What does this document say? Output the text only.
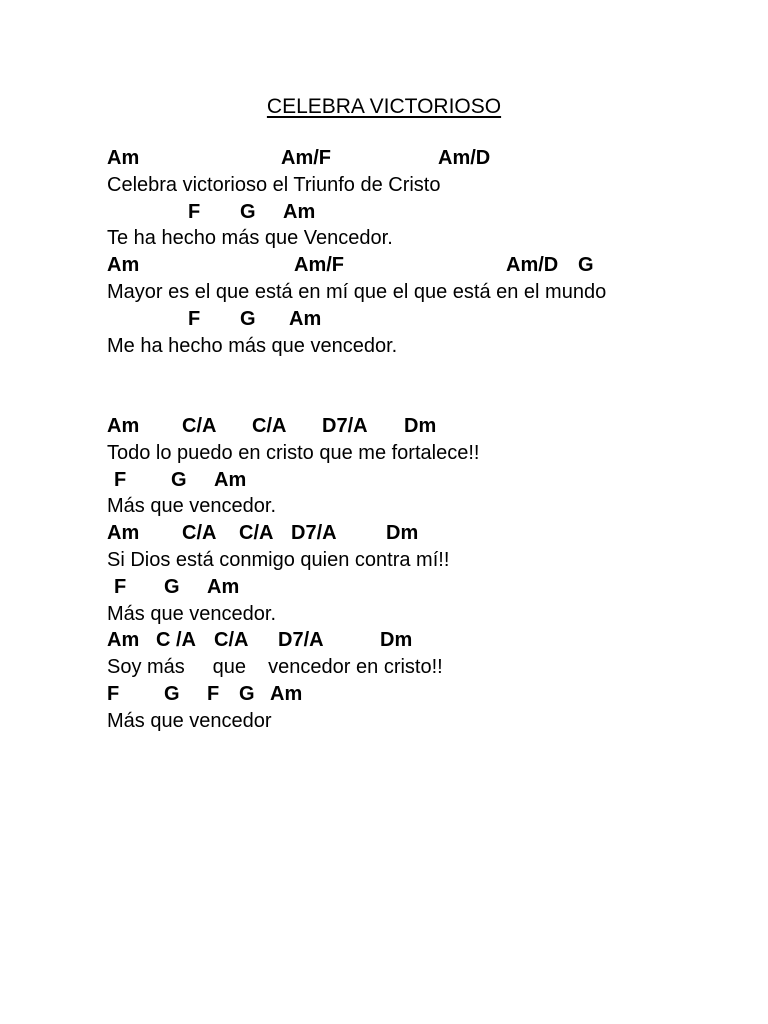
CELEBRA VICTORIOSO

Am

	Am/F

	Am/D

Celebra victorioso el Triunfo de Cristo

F

G

Am

Te ha hecho más que Vencedor.

Am

	Am/F

	Am/D

G

Mayor es el que está en mí que el que está en el mundo

F

G

Am

Me ha hecho más que vencedor.

Am

C/A

C/A

D7/A

Dm

Todo lo puedo en cristo que me fortalece!!

F

G

Am

Más que vencedor.

Am

C/A

C/A

D7/A

Dm

Si Dios está conmigo quien contra mí!!

F

G

Am

Más que vencedor.

Am

C /A

C/A

D7/A

	Dm

Soy más     que    vencedor en cristo!!

F

G

F

G

Am

Más que vencedor
